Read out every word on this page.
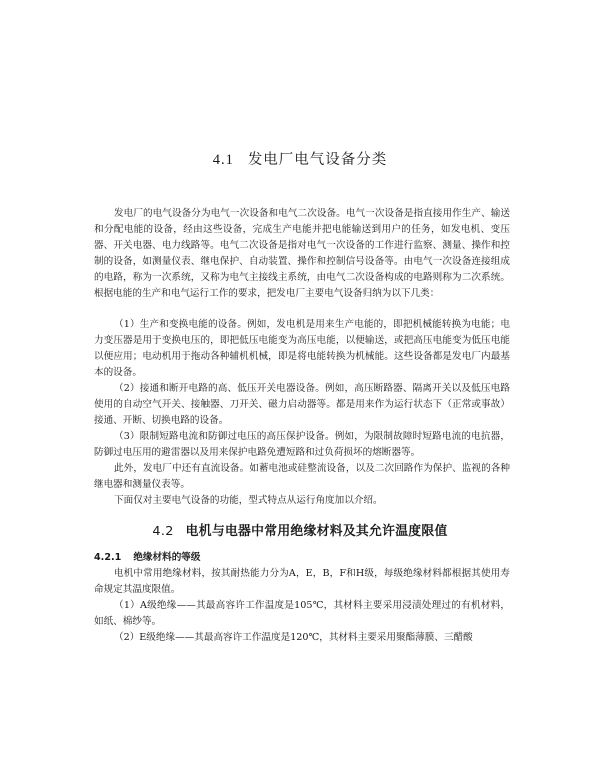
4.1 发电厂电气设备分类

发电厂的电气设备分为电气一次设备和电气二次设备。电气一次设备是指直接用作生产、输送和分配电能的设备，经由这些设备，完成生产电能并把电能输送到用户的任务，如发电机、变压器、开关电器、电力线路等。电气二次设备是指对电气一次设备的工作进行监察、测量、操作和控制的设备，如测量仪表、继电保护、自动装置、操作和控制信号设备等。由电气一次设备连接组成的电路，称为一次系统，又称为电气主接线主系统，由电气二次设备构成的电路则称为二次系统。根据电能的生产和电气运行工作的要求，把发电厂主要电气设备归纳为以下几类：

（1）生产和变换电能的设备。例如，发电机是用来生产电能的，即把机械能转换为电能；电力变压器是用于变换电压的，即把低压电能变为高压电能，以便输送，或把高压电能变为低压电能以便应用；电动机用于拖动各种辅机机械，即是将电能转换为机械能。这些设备都是发电厂内最基本的设备。

（2）接通和断开电路的高、低压开关电器设备。例如，高压断路器、隔离开关以及低压电路使用的自动空气开关、接触器、刀开关、磁力启动器等。都是用来作为运行状态下（正常或事故）接通、开断、切换电路的设备。

（3）限制短路电流和防御过电压的高压保护设备。例如，为限制故障时短路电流的电抗器，防御过电压用的避雷器以及用来保护电路免遭短路和过负荷损坏的熔断器等。

此外，发电厂中还有直流设备。如蓄电池或硅整流设备，以及二次回路作为保护、监视的各种继电器和测量仪表等。

下面仅对主要电气设备的功能，型式特点从运行角度加以介绍。

4.2 电机与电器中常用绝缘材料及其允许温度限值
4.2.1 绝缘材料的等级

电机中常用绝缘材料，按其耐热能力分为A，E，B，F和H级，每级绝缘材料都根据其使用寿命规定其温度限值。

（1）A级绝缘——其最高容许工作温度是105℃，其材料主要采用浸渍处理过的有机材料，如纸、棉纱等。

（2）E级绝缘——其最高容许工作温度是120℃，其材料主要采用聚酯薄膜、三醋酸
